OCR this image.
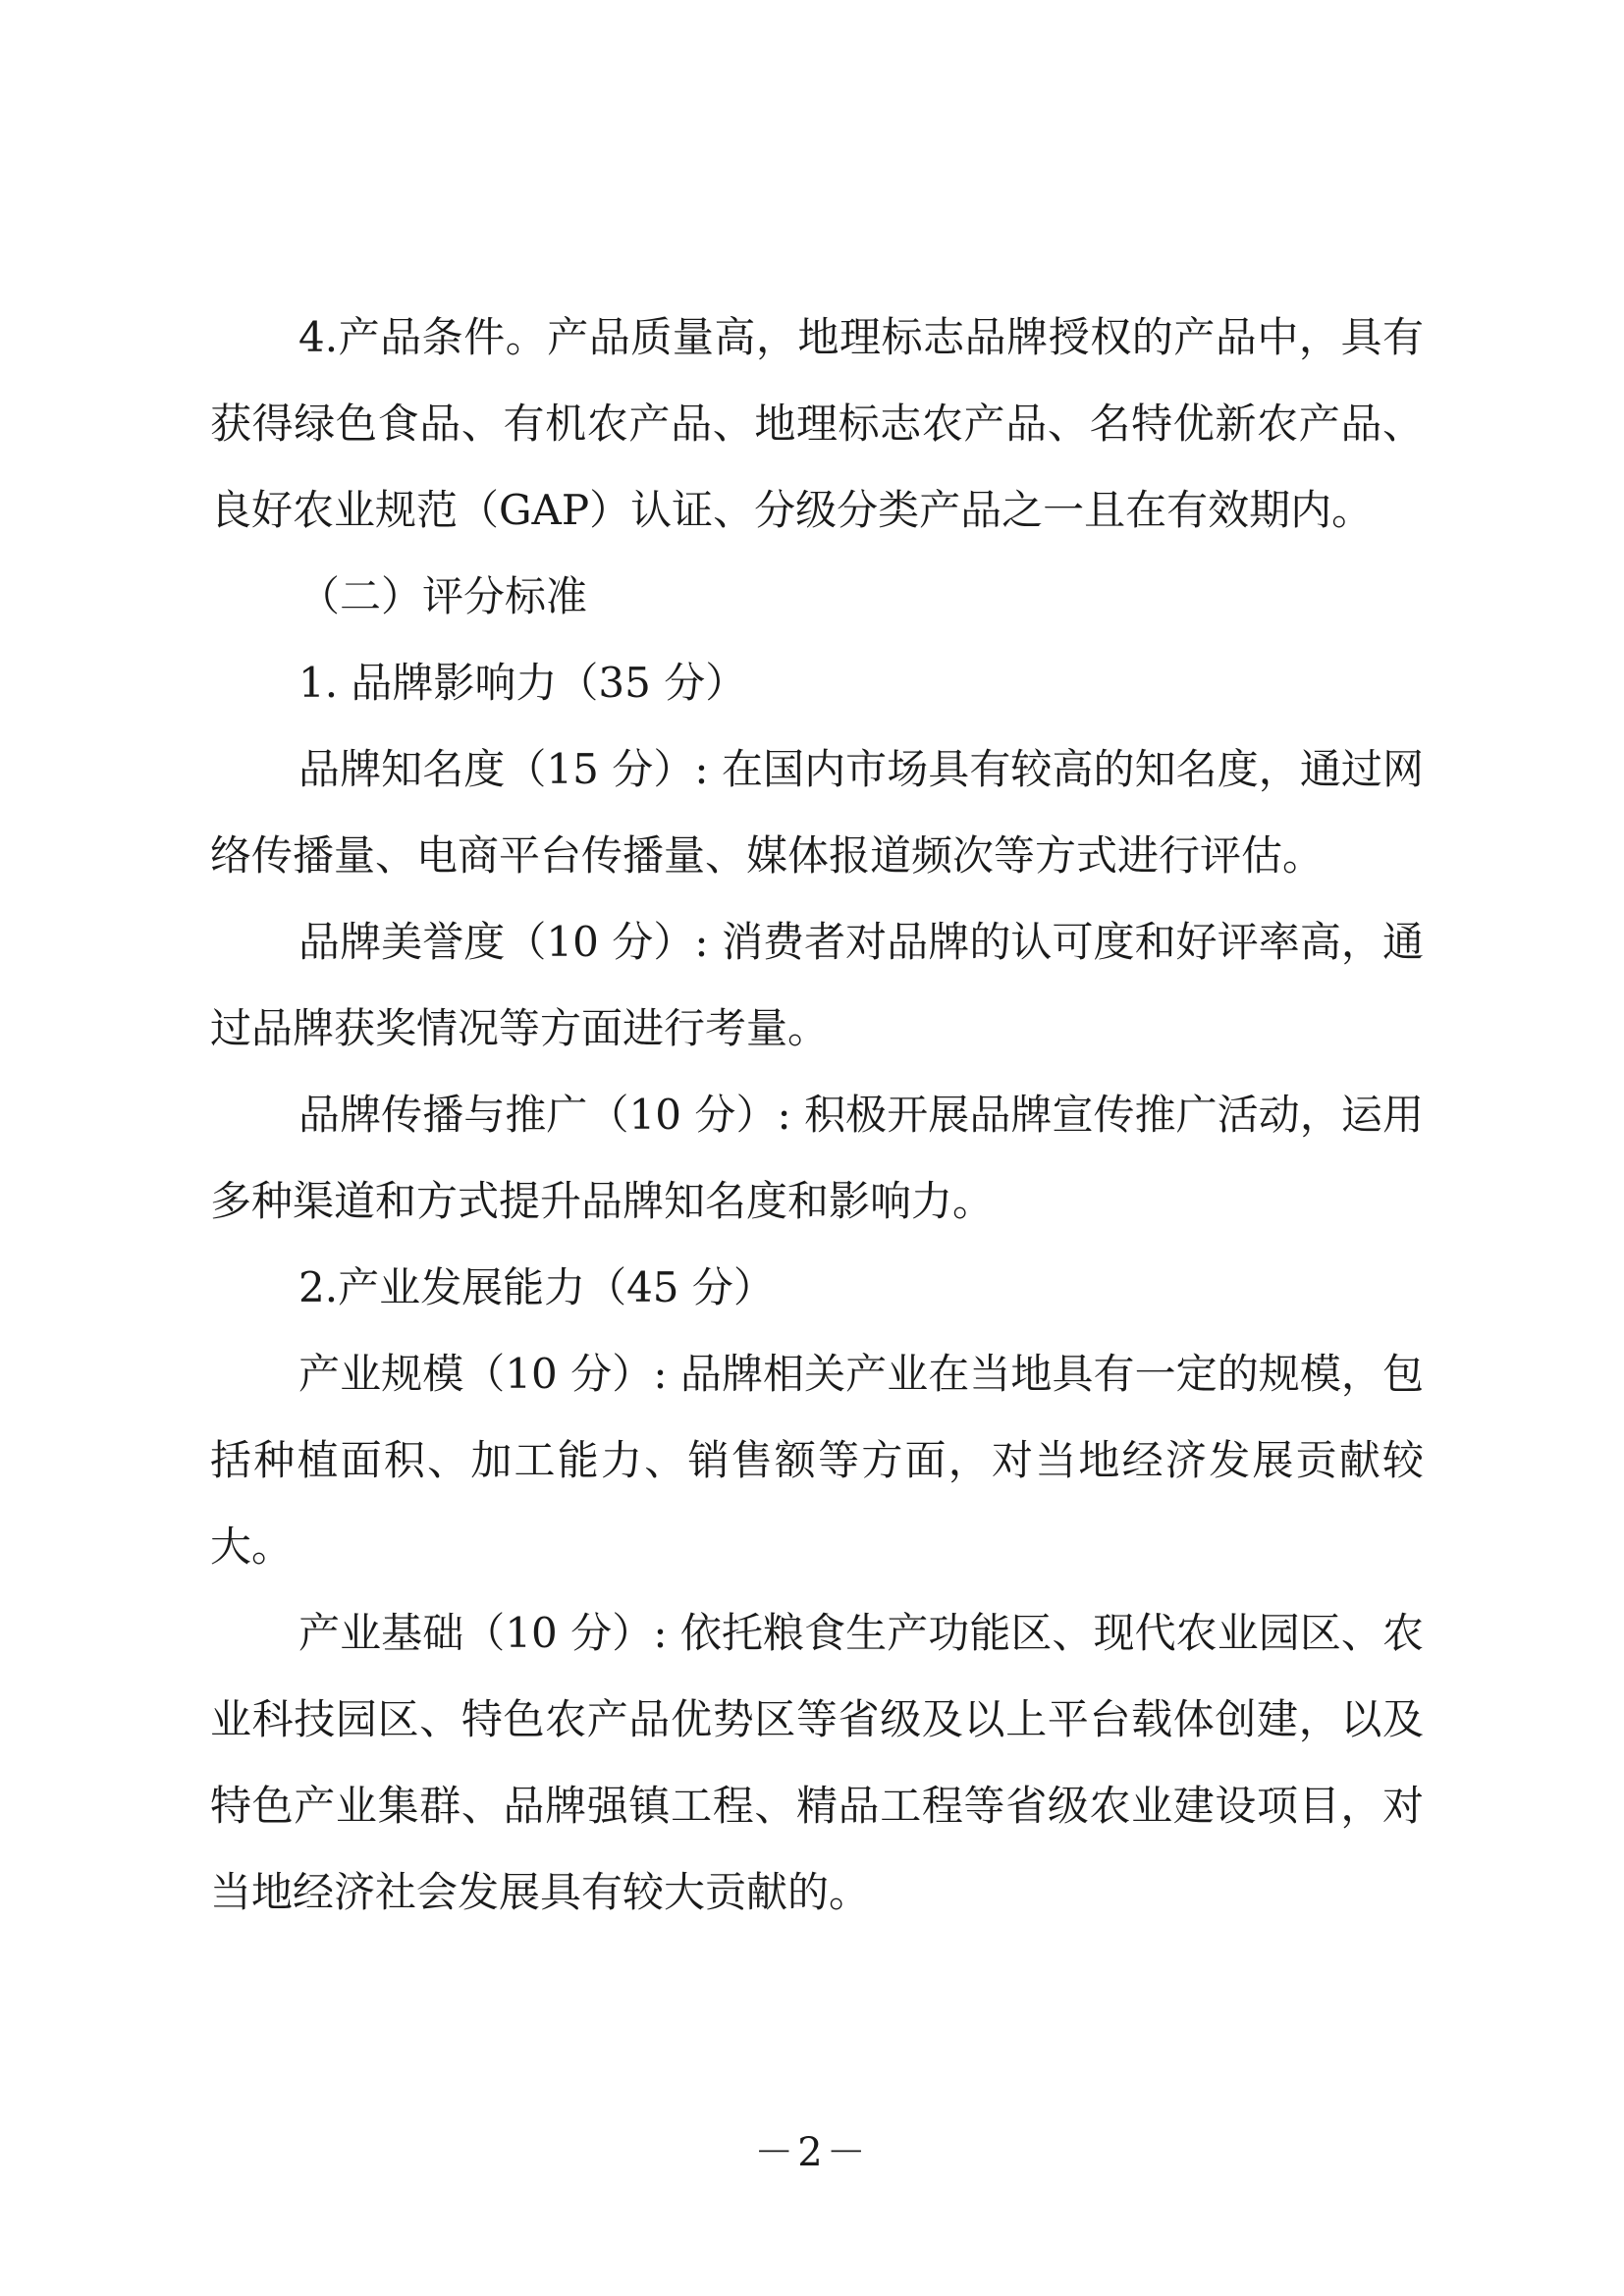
4.产品条件。产品质量高，地理标志品牌授权的产品中，具有获得绿色食品、有机农产品、地理标志农产品、名特优新农产品、良好农业规范（GAP）认证、分级分类产品之一且在有效期内。

（二）评分标准

1. 品牌影响力（35 分）

品牌知名度（15 分）: 在国内市场具有较高的知名度，通过网络传播量、电商平台传播量、媒体报道频次等方式进行评估。

品牌美誉度（10 分）: 消费者对品牌的认可度和好评率高，通过品牌获奖情况等方面进行考量。

品牌传播与推广（10 分）: 积极开展品牌宣传推广活动，运用多种渠道和方式提升品牌知名度和影响力。

2.产业发展能力（45 分）

产业规模（10 分）: 品牌相关产业在当地具有一定的规模，包括种植面积、加工能力、销售额等方面，对当地经济发展贡献较大。

产业基础（10 分）: 依托粮食生产功能区、现代农业园区、农业科技园区、特色农产品优势区等省级及以上平台载体创建，以及特色产业集群、品牌强镇工程、精品工程等省级农业建设项目，对当地经济社会发展具有较大贡献的。

－2－
